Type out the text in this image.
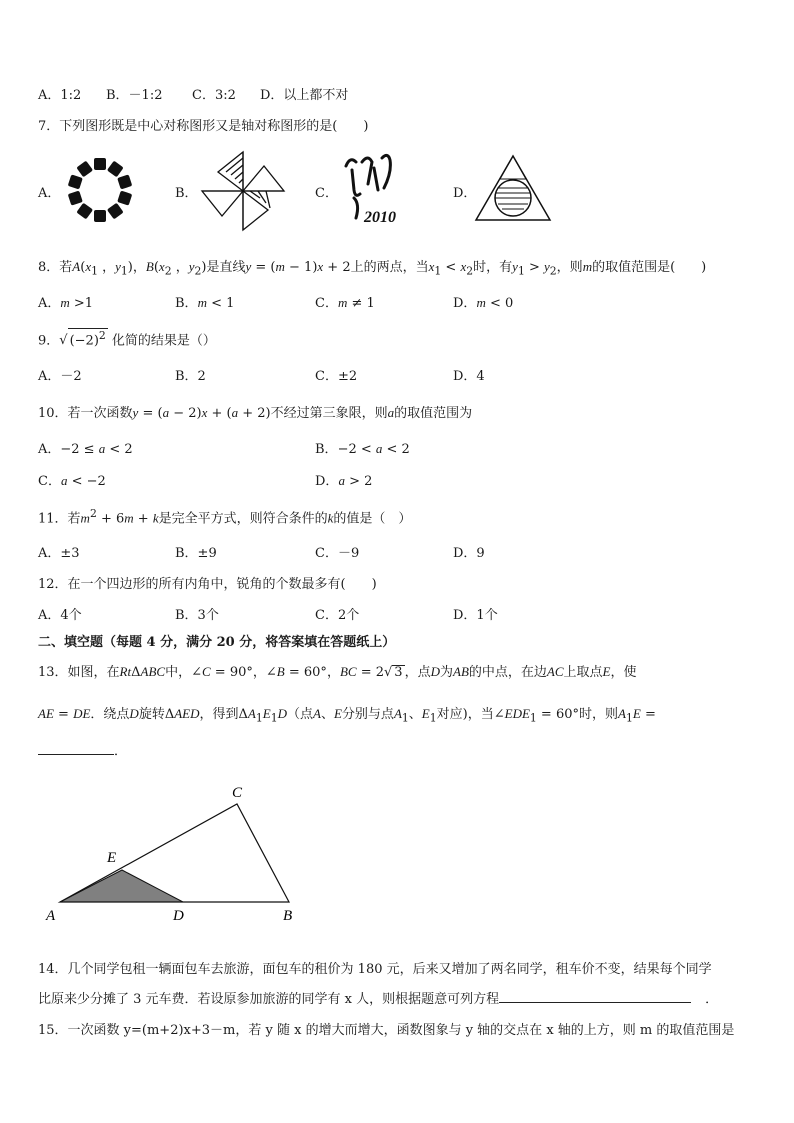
A．1:2 B．－1:2 C．3:2 D．以上都不对
7．下列图形既是中心对称图形又是轴对称图形的是(　　)
A．	B．	C．
2010
D．
8．若$A(x_1$ ，$y_1$)，$B(x_2$ ，$y_2$)是直线y = (m − 1)x + 2上的两点，当$x_1 < x_2$时，有$y_1 > y_2$，则m的取值范围是(　　)
A．m >1	B．m < 1	C．m ≠ 1	D．m < 0
9．√ $(-2)^2$ 化简的结果是（）
A．－2	B．2	C．±2	D．4
10．若一次函数y = (a − 2)x + (a + 2)不经过第三象限，则a的取值范围为
A．−2 ≤ a < 2	B．−2 < a < 2
C．a < −2	D．a > 2
11．若$m^2 + 6m + k$是完全平方式，则符合条件的k的值是（　）
A．±3	B．±9	C．－9	D．9
12．在一个四边形的所有内角中，锐角的个数最多有(　　)
A．4个	B．3个	C．2个	D．1个
二、填空题（每题 4 分，满分 20 分，将答案填在答题纸上）
13．如图，在RtΔABC中，∠C = 90°，∠B = 60°，BC = 2√ 3 ，点D为AB的中点，在边AC上取点E，使
AE = DE．绕点D旋转ΔAED，得到$\Delta A_1E_1D$（点A、E分别与点$A_1$、$E_1$对应)，当$\angle EDE_1 = 60^\circ$时，则$A_1E$ =
．
A	D	B
C
E
14．几个同学包租一辆面包车去旅游，面包车的租价为 180 元，后来又增加了两名同学，租车价不变，结果每个同学
比原来少分摊了 3 元车费．若设原参加旅游的同学有 x 人，则根据题意可列方程	．
15．一次函数 y=(m+2)x+3－m，若 y 随 x 的增大而增大，函数图象与 y 轴的交点在 x 轴的上方，则 m 的取值范围是
